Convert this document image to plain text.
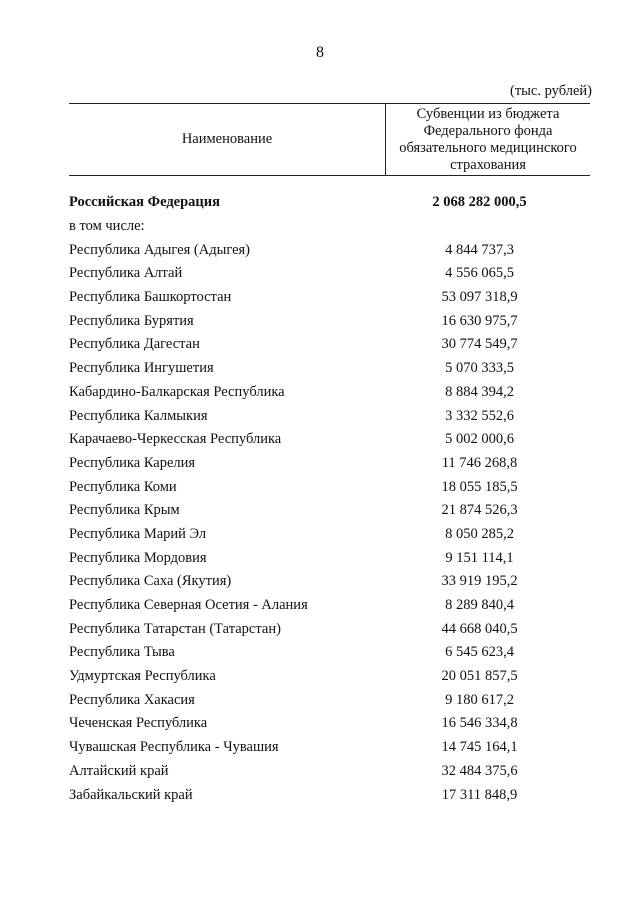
8
(тыс. рублей)
Наименование
Субвенции из бюджета Федерального фонда обязательного медицинского страхования
Российская Федерация	2 068 282 000,5
в том числе:
Республика Адыгея (Адыгея)	4 844 737,3
Республика Алтай	4 556 065,5
Республика Башкортостан	53 097 318,9
Республика Бурятия	16 630 975,7
Республика Дагестан	30 774 549,7
Республика Ингушетия	5 070 333,5
Кабардино-Балкарская Республика	8 884 394,2
Республика Калмыкия	3 332 552,6
Карачаево-Черкесская Республика	5 002 000,6
Республика Карелия	11 746 268,8
Республика Коми	18 055 185,5
Республика Крым	21 874 526,3
Республика Марий Эл	8 050 285,2
Республика Мордовия	9 151 114,1
Республика Саха (Якутия)	33 919 195,2
Республика Северная Осетия - Алания	8 289 840,4
Республика Татарстан (Татарстан)	44 668 040,5
Республика Тыва	6 545 623,4
Удмуртская Республика	20 051 857,5
Республика Хакасия	9 180 617,2
Чеченская Республика	16 546 334,8
Чувашская Республика - Чувашия	14 745 164,1
Алтайский край	32 484 375,6
Забайкальский край	17 311 848,9
